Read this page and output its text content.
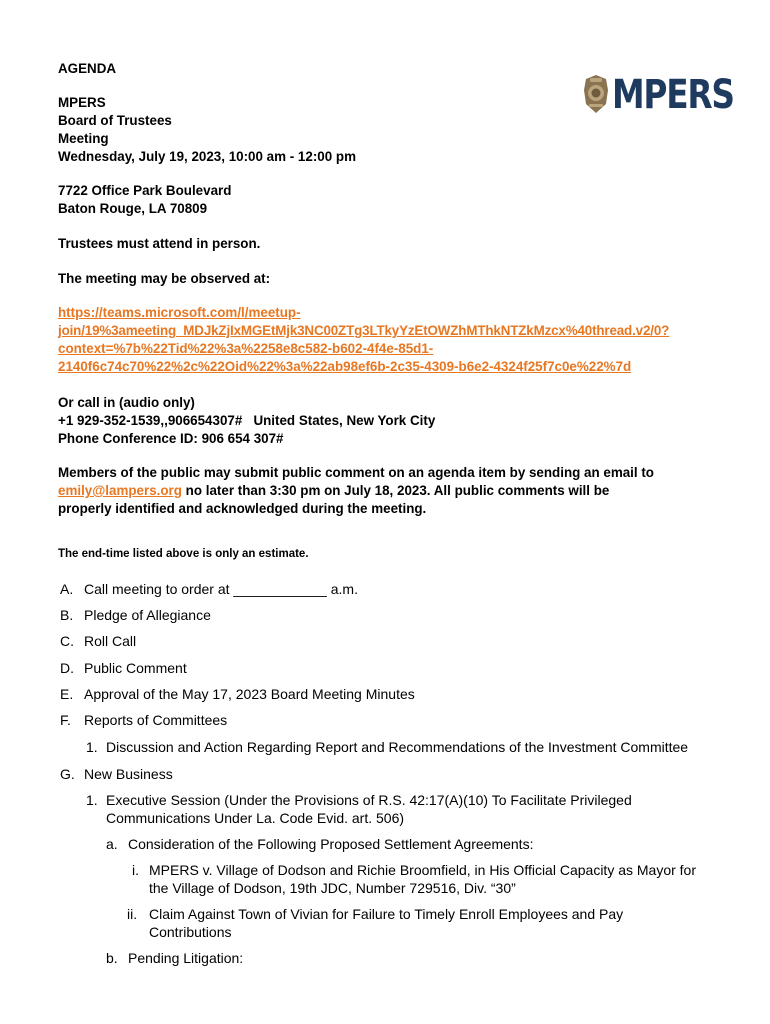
AGENDA
MPERS
Board of Trustees
Meeting
Wednesday, July 19, 2023, 10:00 am - 12:00 pm
MPERS
7722 Office Park Boulevard
Baton Rouge, LA 70809
Trustees must attend in person.
The meeting may be observed at:
https://teams.microsoft.com/l/meetup-
join/19%3ameeting_MDJkZjIxMGEtMjk3NC00ZTg3LTkyYzEtOWZhMThkNTZkMzcx%40thread.v2/0?
context=%7b%22Tid%22%3a%2258e8c582-b602-4f4e-85d1-
2140f6c74c70%22%2c%22Oid%22%3a%22ab98ef6b-2c35-4309-b6e2-4324f25f7c0e%22%7d
Or call in (audio only)
+1 929-352-1539,,906654307#   United States, New York City
Phone Conference ID: 906 654 307#
Members of the public may submit public comment on an agenda item by sending an email to
emily@lampers.org no later than 3:30 pm on July 18, 2023. All public comments will be
properly identified and acknowledged during the meeting.
The end-time listed above is only an estimate.
A. Call meeting to order at ____________ a.m.
B. Pledge of Allegiance
C. Roll Call
D. Public Comment
E. Approval of the May 17, 2023 Board Meeting Minutes
F. Reports of Committees
1. Discussion and Action Regarding Report and Recommendations of the Investment Committee
G. New Business
1. Executive Session (Under the Provisions of R.S. 42:17(A)(10) To Facilitate Privileged
Communications Under La. Code Evid. art. 506)
a. Consideration of the Following Proposed Settlement Agreements:
i. MPERS v. Village of Dodson and Richie Broomfield, in His Official Capacity as Mayor for
the Village of Dodson, 19th JDC, Number 729516, Div. “30”
ii. Claim Against Town of Vivian for Failure to Timely Enroll Employees and Pay
Contributions
b. Pending Litigation:
